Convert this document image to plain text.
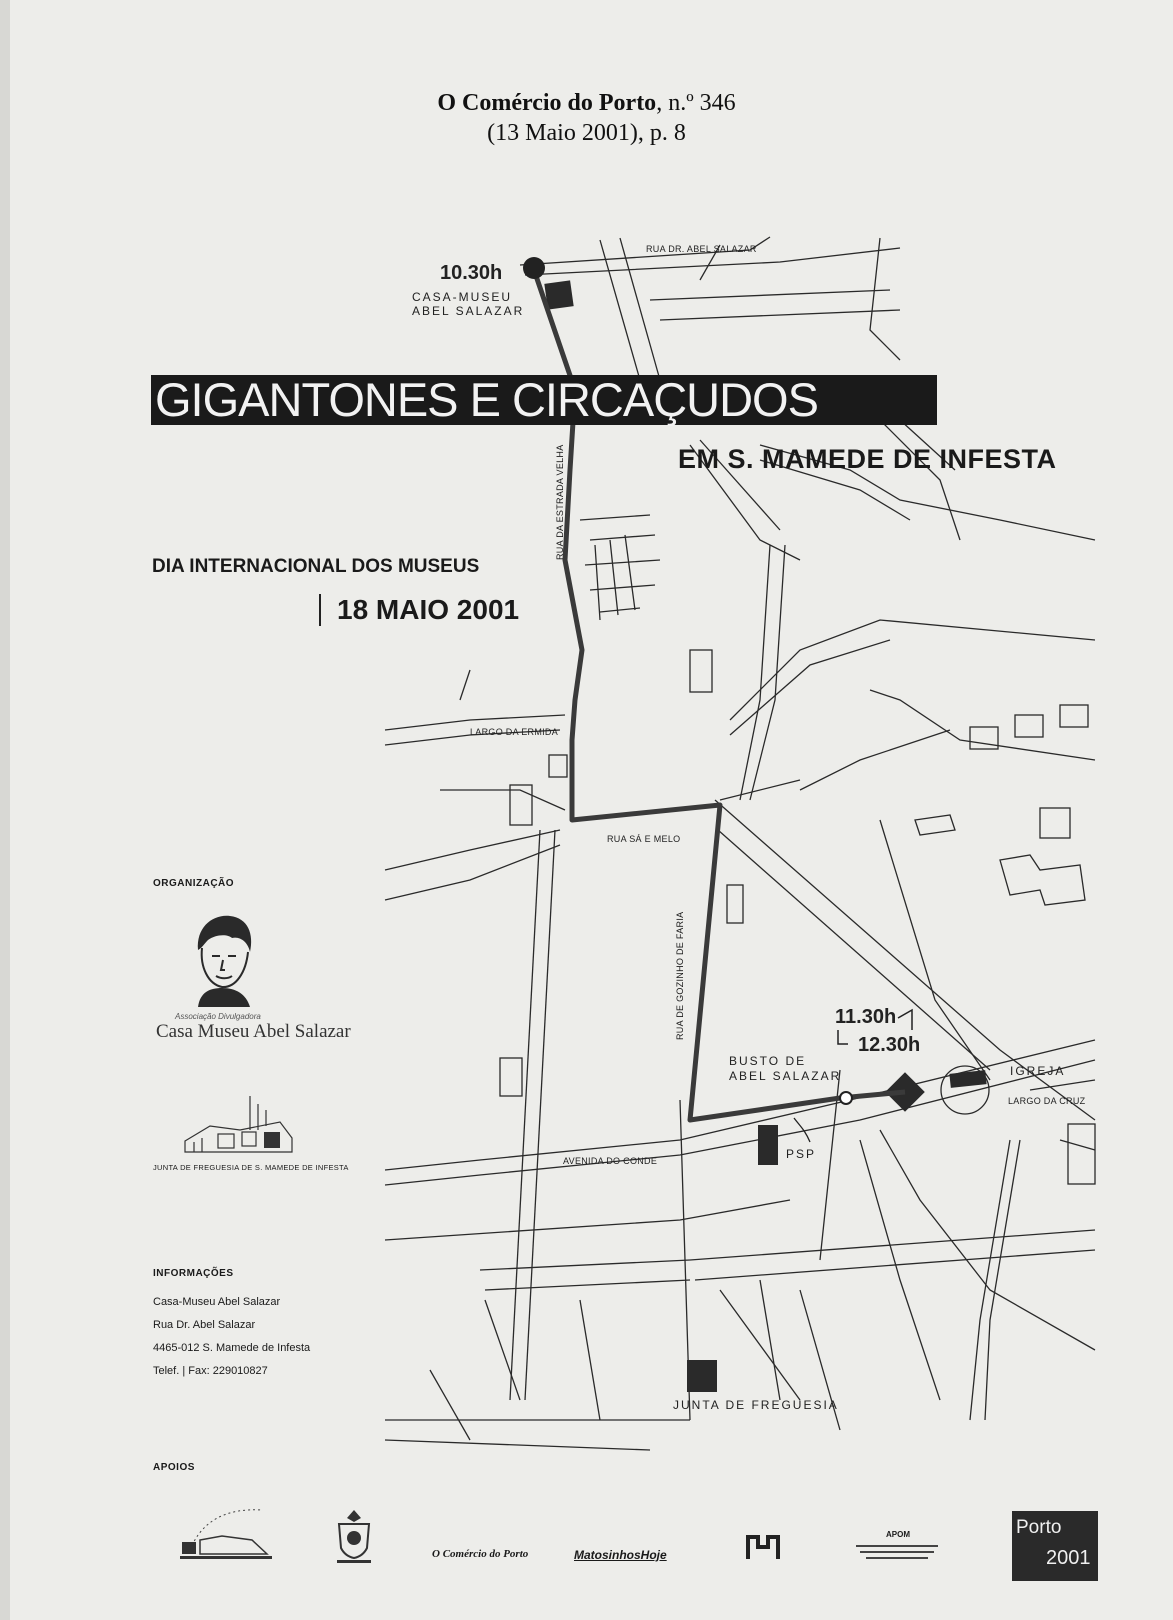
O Comércio do Porto, n.º 346
(13 Maio 2001), p. 8
GIGANTONES E CIRCAÇUDOS
EM S. MAMEDE DE INFESTA
DIA INTERNACIONAL DOS MUSEUS
18 MAIO 2001
10.30h
CASA-MUSEU
ABEL SALAZAR
RUA DR. ABEL SALAZAR
RUA DA ESTRADA VELHA
LARGO DA ERMIDA
RUA SÁ E MELO
RUA DE GOZINHO DE FARIA
AVENIDA DO CONDE
11.30h
12.30h
BUSTO DE
ABEL SALAZAR	IGREJA
LARGO DA CRUZ
PSP
JUNTA DE FREGUESIA
ORGANIZAÇÃO
Associação Divulgadora
Casa Museu Abel Salazar
JUNTA DE FREGUESIA DE S. MAMEDE DE INFESTA
INFORMAÇÕES
Casa-Museu Abel Salazar
Rua Dr. Abel Salazar
4465-012 S. Mamede de Infesta
Telef. | Fax: 229010827
APOIOS
O Comércio do Porto	MatosinhosHoje
APOM	Porto
2001
